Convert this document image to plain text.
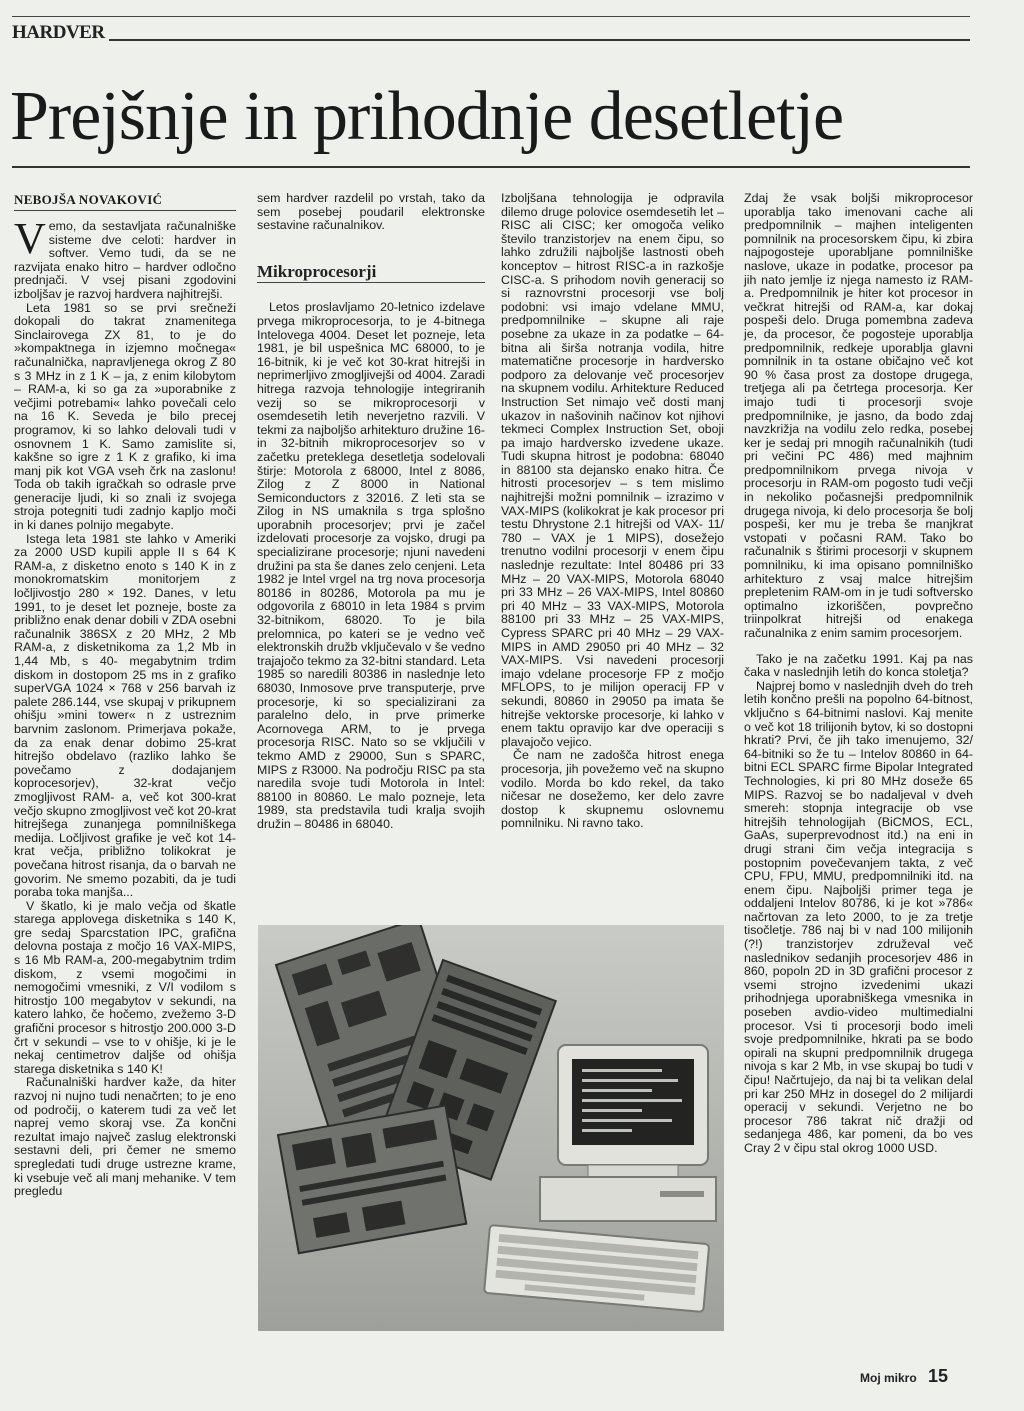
HARDVER
Prejšnje in prihodnje desetletje
NEBOJŠA NOVAKOVIĆ

Vemo, da sestavljata računalniške sisteme dve celoti: hardver in softver. Vemo tudi, da se ne razvijata enako hitro – hardver odločno prednjači. V vsej pisani zgodovini izboljšav je razvoj hardvera najhitrejši.

Leta 1981 so se prvi srečneži dokopali do takrat znamenitega Sinclairovega ZX 81, to je do »kompaktnega in izjemno močnega« računalnička, napravljenega okrog Z 80 s 3 MHz in z 1 K – ja, z enim kilobytom – RAM-a, ki so ga za »uporabnike z večjimi potrebami« lahko povečali celo na 16 K. Seveda je bilo precej programov, ki so lahko delovali tudi v osnovnem 1 K. Samo zamislite si, kakšne so igre z 1 K z grafiko, ki ima manj pik kot VGA vseh črk na zaslonu! Toda ob takih igračkah so odrasle prve generacije ljudi, ki so znali iz svojega stroja potegniti tudi zadnjo kapljo moči in ki danes polnijo megabyte.

Istega leta 1981 ste lahko v Ameriki za 2000 USD kupili apple II s 64 K RAM-a, z disketno enoto s 140 K in z monokromatskim monitorjem z ločljivostjo 280 × 192. Danes, v letu 1991, to je deset let pozneje, boste za približno enak denar dobili v ZDA osebni računalnik 386SX z 20 MHz, 2 Mb RAM-a, z disketnikoma za 1,2 Mb in 1,44 Mb, s 40- megabytnim trdim diskom in dostopom 25 ms in z grafiko superVGA 1024 × 768 v 256 barvah iz palete 286.144, vse skupaj v prikupnem ohišju »mini tower« n z ustreznim barvnim zaslonom. Primerjava pokaže, da za enak denar dobimo 25-krat hitrejšo obdelavo (razliko lahko še povečamo z dodajanjem koprocesorjev), 32-krat večjo zmogljivost RAM- a, več kot 300-krat večjo skupno zmogljivost več kot 20-krat hitrejšega zunanjega pomnilniškega medija. Ločljivost grafike je več kot 14-krat večja, približno tolikokrat je povečana hitrost risanja, da o barvah ne govorim. Ne smemo pozabiti, da je tudi poraba toka manjša...

V škatlo, ki je malo večja od škatle starega applovega disketnika s 140 K, gre sedaj Sparcstation IPC, grafična delovna postaja z močjo 16 VAX-MIPS, s 16 Mb RAM-a, 200-megabytnim trdim diskom, z vsemi mogočimi in nemogočimi vmesniki, z V/I vodilom s hitrostjo 100 megabytov v sekundi, na katero lahko, če hočemo, zvežemo 3-D grafični procesor s hitrostjo 200.000 3-D črt v sekundi – vse to v ohišje, ki je le nekaj centimetrov daljše od ohišja starega disketnika s 140 K!

Računalniški hardver kaže, da hiter razvoj ni nujno tudi nenačrten; to je eno od področij, o katerem tudi za več let naprej vemo skoraj vse. Za končni rezultat imajo največ zaslug elektronski sestavni deli, pri čemer ne smemo spregledati tudi druge ustrezne krame, ki vsebuje več ali manj mehanike. V tem pregledu

sem hardver razdelil po vrstah, tako da sem posebej poudaril elektronske sestavine računalnikov.

Mikroprocesorji

Letos proslavljamo 20-letnico izdelave prvega mikroprocesorja, to je 4-bitnega Intelovega 4004. Deset let pozneje, leta 1981, je bil uspešnica MC 68000, to je 16-bitnik, ki je več kot 30-krat hitrejši in neprimerljivo zmogljivejši od 4004. Zaradi hitrega razvoja tehnologije integriranih vezij so se mikroprocesorji v osemdesetih letih neverjetno razvili. V tekmi za najboljšo arhitekturo družine 16- in 32-bitnih mikroprocesorjev so v začetku preteklega desetletja sodelovali štirje: Motorola z 68000, Intel z 8086, Zilog z Z 8000 in National Semiconductors z 32016. Z leti sta se Zilog in NS umaknila s trga splošno uporabnih procesorjev; prvi je začel izdelovati procesorje za vojsko, drugi pa specializirane procesorje; njuni navedeni družini pa sta še danes zelo cenjeni. Leta 1982 je Intel vrgel na trg nova procesorja 80186 in 80286, Motorola pa mu je odgovorila z 68010 in leta 1984 s prvim 32-bitnikom, 68020. To je bila prelomnica, po kateri se je vedno več elektronskih družb vključevalo v še vedno trajajočo tekmo za 32-bitni standard. Leta 1985 so naredili 80386 in naslednje leto 68030, Inmosove prve transputerje, prve procesorje, ki so specializirani za paralelno delo, in prve primerke Acornovega ARM, to je prvega procesorja RISC. Nato so se vključili v tekmo AMD z 29000, Sun s SPARC, MIPS z R3000. Na področju RISC pa sta naredila svoje tudi Motorola in Intel: 88100 in 80860. Le malo pozneje, leta 1989, sta predstavila tudi kralja svojih družin – 80486 in 68040.

Izboljšana tehnologija je odpravila dilemo druge polovice osemdesetih let – RISC ali CISC; ker omogoča veliko število tranzistorjev na enem čipu, so lahko združili najboljše lastnosti obeh konceptov – hitrost RISC-a in razkošje CISC-a. S prihodom novih generacij so si raznovrstni procesorji vse bolj podobni: vsi imajo vdelane MMU, predpomnilnike – skupne ali raje posebne za ukaze in za podatke – 64- bitna ali širša notranja vodila, hitre matematične procesorje in hardversko podporo za delovanje več procesorjev na skupnem vodilu. Arhitekture Reduced Instruction Set nimajo več dosti manj ukazov in našovinih načinov kot njihovi tekmeci Complex Instruction Set, oboji pa imajo hardversko izvedene ukaze. Tudi skupna hitrost je podobna: 68040 in 88100 sta dejansko enako hitra. Če hitrosti procesorjev – s tem mislimo najhitrejši možni pomnilnik – izrazimo v VAX-MIPS (kolikokrat je kak procesor pri testu Dhrystone 2.1 hitrejši od VAX- 11/ 780 – VAX je 1 MIPS), dosežejo trenutno vodilni procesorji v enem čipu naslednje rezultate: Intel 80486 pri 33 MHz – 20 VAX-MIPS, Motorola 68040 pri 33 MHz – 26 VAX-MIPS, Intel 80860 pri 40 MHz – 33 VAX-MIPS, Motorola 88100 pri 33 MHz – 25 VAX-MIPS, Cypress SPARC pri 40 MHz – 29 VAX-MIPS in AMD 29050 pri 40 MHz – 32 VAX-MIPS. Vsi navedeni procesorji imajo vdelane procesorje FP z močjo MFLOPS, to je milijon operacij FP v sekundi, 80860 in 29050 pa imata še hitrejše vektorske procesorje, ki lahko v enem taktu opravijo kar dve operaciji s plavajočo vejico.

Če nam ne zadošča hitrost enega procesorja, jih povežemo več na skupno vodilo. Morda bo kdo rekel, da tako ničesar ne dosežemo, ker delo zavre dostop k skupnemu oslovnemu pomnilniku. Ni ravno tako.

Zdaj že vsak boljši mikroprocesor uporablja tako imenovani cache ali predpomnilnik – majhen inteligenten pomnilnik na procesorskem čipu, ki zbira najpogosteje uporabljane pomnilniške naslove, ukaze in podatke, procesor pa jih nato jemlje iz njega namesto iz RAM-a. Predpomnilnik je hiter kot procesor in večkrat hitrejši od RAM-a, kar dokaj pospeši delo. Druga pomembna zadeva je, da procesor, če pogosteje uporablja predpomnilnik, redkeje uporablja glavni pomnilnik in ta ostane običajno več kot 90 % časa prost za dostope drugega, tretjega ali pa četrtega procesorja. Ker imajo tudi ti procesorji svoje predpomnilnike, je jasno, da bodo zdaj navzkrižja na vodilu zelo redka, posebej ker je sedaj pri mnogih računalnikih (tudi pri večini PC 486) med majhnim predpomnilnikom prvega nivoja v procesorju in RAM-om pogosto tudi večji in nekoliko počasnejši predpomnilnik drugega nivoja, ki delo procesorja še bolj pospeši, ker mu je treba še manjkrat vstopati v počasni RAM. Tako bo računalnik s štirimi procesorji v skupnem pomnilniku, ki ima opisano pomnilniško arhitekturo z vsaj malce hitrejšim prepletenim RAM-om in je tudi softversko optimalno izkoriščen, povprečno triinpolkrat hitrejši od enakega računalnika z enim samim procesorjem.

Tako je na začetku 1991. Kaj pa nas čaka v naslednjih letih do konca stoletja?

Najprej bomo v naslednjih dveh do treh letih končno prešli na popolno 64-bitnost, vključno s 64-bitnimi naslovi. Kaj menite o več kot 18 trilijonih bytov, ki so dostopni hkrati? Prvi, če jih tako imenujemo, 32/ 64-bitniki so že tu – Intelov 80860 in 64-bitni ECL SPARC firme Bipolar Integrated Technologies, ki pri 80 MHz doseže 65 MIPS. Razvoj se bo nadaljeval v dveh smereh: stopnja integracije ob vse hitrejših tehnologijah (BiCMOS, ECL, GaAs, superprevodnost itd.) na eni in drugi strani čim večja integracija s postopnim povečevanjem takta, z več CPU, FPU, MMU, predpomnilniki itd. na enem čipu. Najboljši primer tega je oddaljeni Intelov 80786, ki je kot »786« načrtovan za leto 2000, to je za tretje tisočletje. 786 naj bi v nad 100 milijonih (?!) tranzistorjev združeval več naslednikov sedanjih procesorjev 486 in 860, popoln 2D in 3D grafični procesor z vsemi strojno izvedenimi ukazi prihodnjega uporabniškega vmesnika in poseben avdio-video multimedialni procesor. Vsi ti procesorji bodo imeli svoje predpomnilnike, hkrati pa se bodo opirali na skupni predpomnilnik drugega nivoja s kar 2 Mb, in vse skupaj bo tudi v čipu! Načrtujejo, da naj bi ta velikan delal pri kar 250 MHz in dosegel do 2 milijardi operacij v sekundi. Verjetno ne bo procesor 786 takrat nič dražji od sedanjega 486, kar pomeni, da bo ves Cray 2 v čipu stal okrog 1000 USD.

Moj mikro 15
